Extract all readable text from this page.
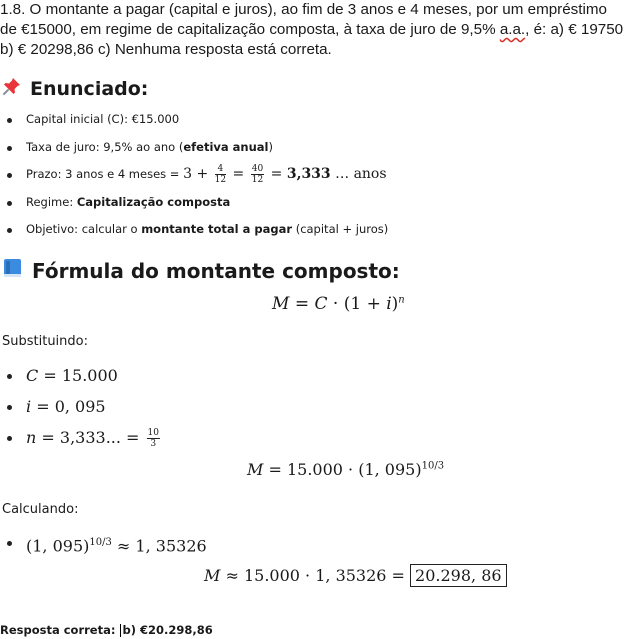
1.8. O montante a pagar (capital e juros), ao fim de 3 anos e 4 meses, por um empréstimo de €15000, em regime de capitalização composta, à taxa de juro de 9,5% a.a., é: a) € 19750 b) € 20298,86 c) Nenhuma resposta está correta.
Enunciado:
Capital inicial (C): €15.000
Taxa de juro: 9,5% ao ano (efetiva anual)
Prazo: 3 anos e 4 meses = $3 + \frac{4}{12} = \frac{40}{12} = 3,333$ … anos
Regime: Capitalização composta
Objetivo: calcular o montante total a pagar (capital + juros)
Fórmula do montante composto:
$M = C \cdot (1 + i)^n$
Substituindo:
C = 15.000
i = 0, 095
n = 3,333... = $\frac{10}{3}$
M = 15.000 · (1, 095)$^{10/3}$
Calculando:
(1, 095)$^{10/3}$ ≈ 1, 35326
M ≈ 15.000 · 1, 35326 = 20.298, 86
Resposta correta: b) €20.298,86
